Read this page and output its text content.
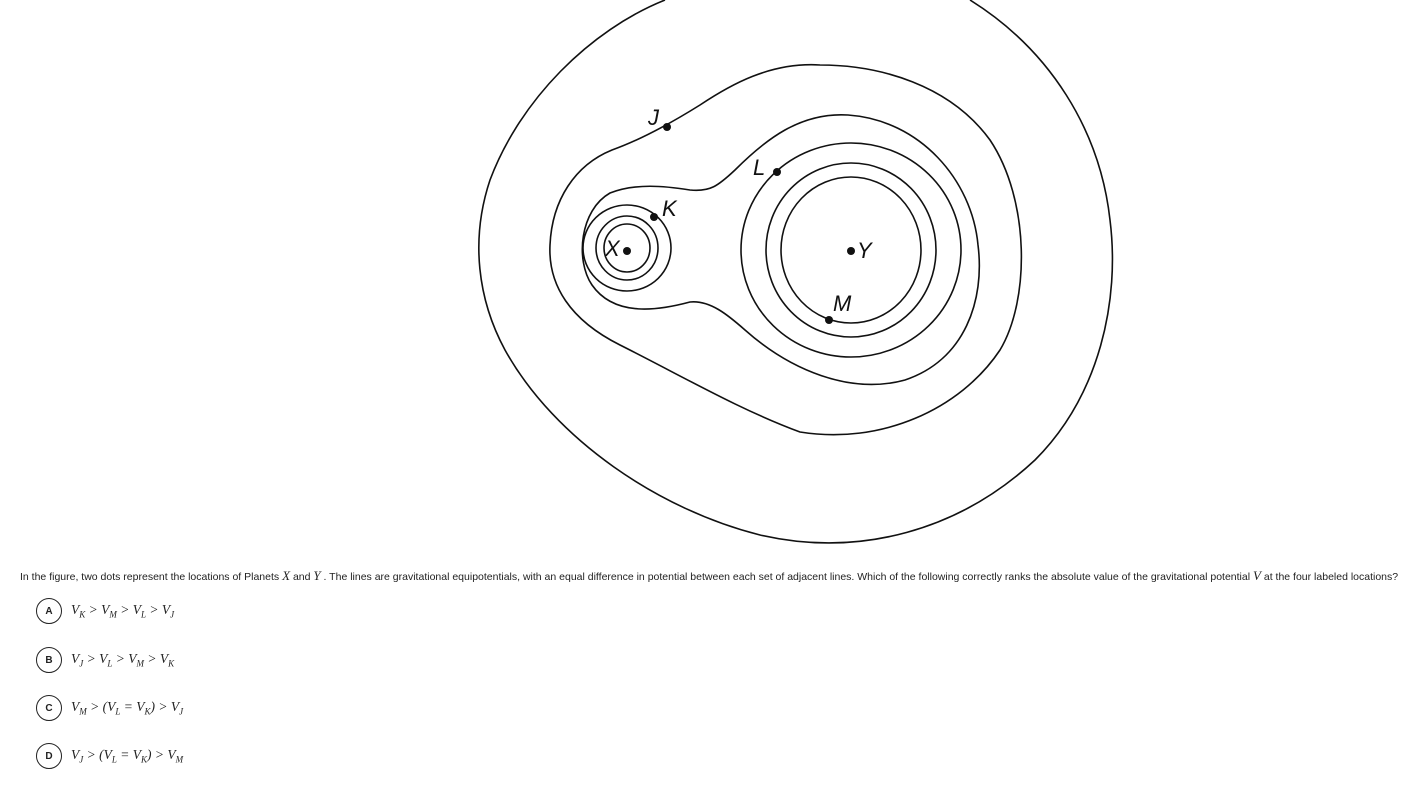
J
K
L
M
X	Y
In the figure, two dots represent the locations of Planets X and Y . The lines are gravitational equipotentials, with an equal difference in potential between each set of adjacent lines. Which of the following correctly ranks the absolute value of the gravitational potential V at the four labeled locations?
A	$V_K > V_M > V_L > V_J$
B	$V_J > V_L > V_M > V_K$
C	$V_M > (V_L = V_K) > V_J$
D	$V_J > (V_L = V_K) > V_M$
